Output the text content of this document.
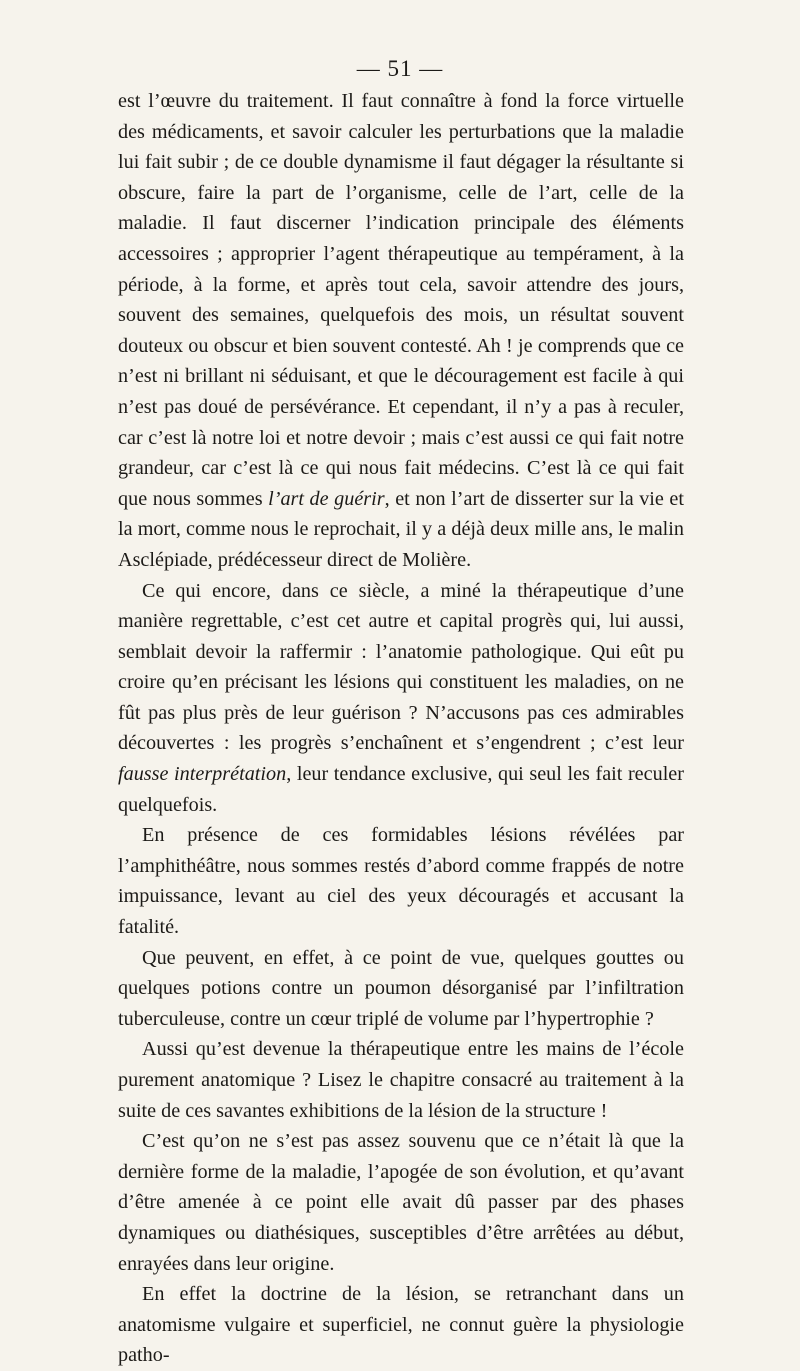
— 51 —

est l’œuvre du traitement. Il faut connaître à fond la force virtuelle des médicaments, et savoir calculer les perturbations que la maladie lui fait subir ; de ce double dynamisme il faut dégager la résultante si obscure, faire la part de l’organisme, celle de l’art, celle de la maladie. Il faut discerner l’indication principale des éléments accessoires ; approprier l’agent thérapeutique au tempérament, à la période, à la forme, et après tout cela, savoir attendre des jours, souvent des semaines, quelquefois des mois, un résultat souvent douteux ou obscur et bien souvent contesté. Ah ! je comprends que ce n’est ni brillant ni séduisant, et que le découragement est facile à qui n’est pas doué de persévérance. Et cependant, il n’y a pas à reculer, car c’est là notre loi et notre devoir ; mais c’est aussi ce qui fait notre grandeur, car c’est là ce qui nous fait médecins. C’est là ce qui fait que nous sommes l’art de guérir, et non l’art de disserter sur la vie et la mort, comme nous le reprochait, il y a déjà deux mille ans, le malin Asclépiade, prédécesseur direct de Molière.

Ce qui encore, dans ce siècle, a miné la thérapeutique d’une manière regrettable, c’est cet autre et capital progrès qui, lui aussi, semblait devoir la raffermir : l’anatomie pathologique. Qui eût pu croire qu’en précisant les lésions qui constituent les maladies, on ne fût pas plus près de leur guérison ? N’accusons pas ces admirables découvertes : les progrès s’enchaînent et s’engendrent ; c’est leur fausse interprétation, leur tendance exclusive, qui seul les fait reculer quelquefois.

En présence de ces formidables lésions révélées par l’amphithéâtre, nous sommes restés d’abord comme frappés de notre impuissance, levant au ciel des yeux découragés et accusant la fatalité.

Que peuvent, en effet, à ce point de vue, quelques gouttes ou quelques potions contre un poumon désorganisé par l’infiltration tuberculeuse, contre un cœur triplé de volume par l’hypertrophie ?

Aussi qu’est devenue la thérapeutique entre les mains de l’école purement anatomique ? Lisez le chapitre consacré au traitement à la suite de ces savantes exhibitions de la lésion de la structure !

C’est qu’on ne s’est pas assez souvenu que ce n’était là que la dernière forme de la maladie, l’apogée de son évolution, et qu’avant d’être amenée à ce point elle avait dû passer par des phases dynamiques ou diathésiques, susceptibles d’être arrêtées au début, enrayées dans leur origine.

En effet la doctrine de la lésion, se retranchant dans un anatomisme vulgaire et superficiel, ne connut guère la physiologie patho-
